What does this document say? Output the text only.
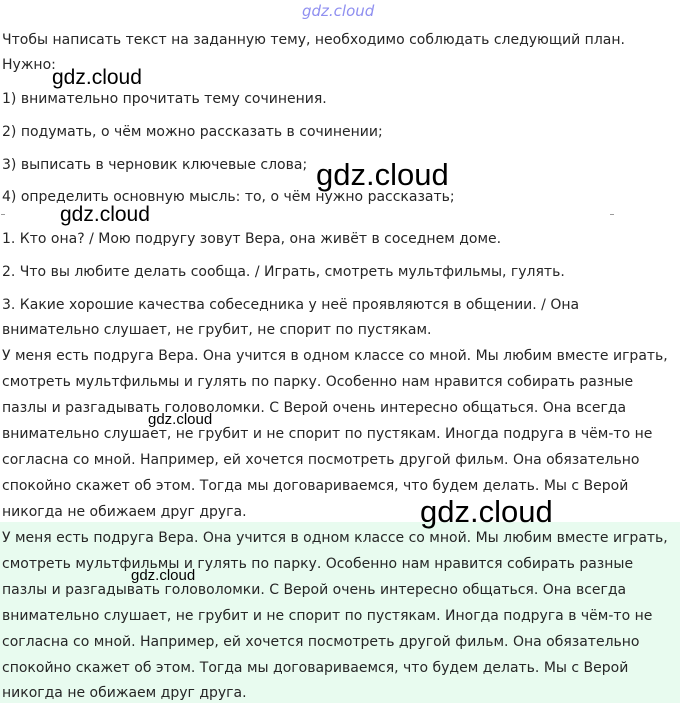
Чтобы написать текст на заданную тему, необходимо соблюдать следующий план.
Нужно:
1) внимательно прочитать тему сочинения.
2) подумать, о чём можно рассказать в сочинении;
3) выписать в черновик ключевые слова;
4) определить основную мысль: то, о чём нужно рассказать;
1. Кто она? / Мою подругу зовут Вера, она живёт в соседнем доме.
2. Что вы любите делать сообща. / Играть, смотреть мультфильмы, гулять.
3. Какие хорошие качества собеседника у неё проявляются в общении. / Она
внимательно слушает, не грубит, не спорит по пустякам.
У меня есть подруга Вера. Она учится в одном классе со мной. Мы любим вместе играть,
смотреть мультфильмы и гулять по парку. Особенно нам нравится собирать разные
пазлы и разгадывать головоломки. С Верой очень интересно общаться. Она всегда
внимательно слушает, не грубит и не спорит по пустякам. Иногда подруга в чём-то не
согласна со мной. Например, ей хочется посмотреть другой фильм. Она обязательно
спокойно скажет об этом. Тогда мы договариваемся, что будем делать. Мы с Верой
никогда не обижаем друг друга.
У меня есть подруга Вера. Она учится в одном классе со мной. Мы любим вместе играть,
смотреть мультфильмы и гулять по парку. Особенно нам нравится собирать разные
пазлы и разгадывать головоломки. С Верой очень интересно общаться. Она всегда
внимательно слушает, не грубит и не спорит по пустякам. Иногда подруга в чём-то не
согласна со мной. Например, ей хочется посмотреть другой фильм. Она обязательно
спокойно скажет об этом. Тогда мы договариваемся, что будем делать. Мы с Верой
никогда не обижаем друг друга.
gdz.cloud
gdz.cloud
gdz.cloud
gdz.cloud
gdz.cloud
gdz.cloud
gdz.cloud
